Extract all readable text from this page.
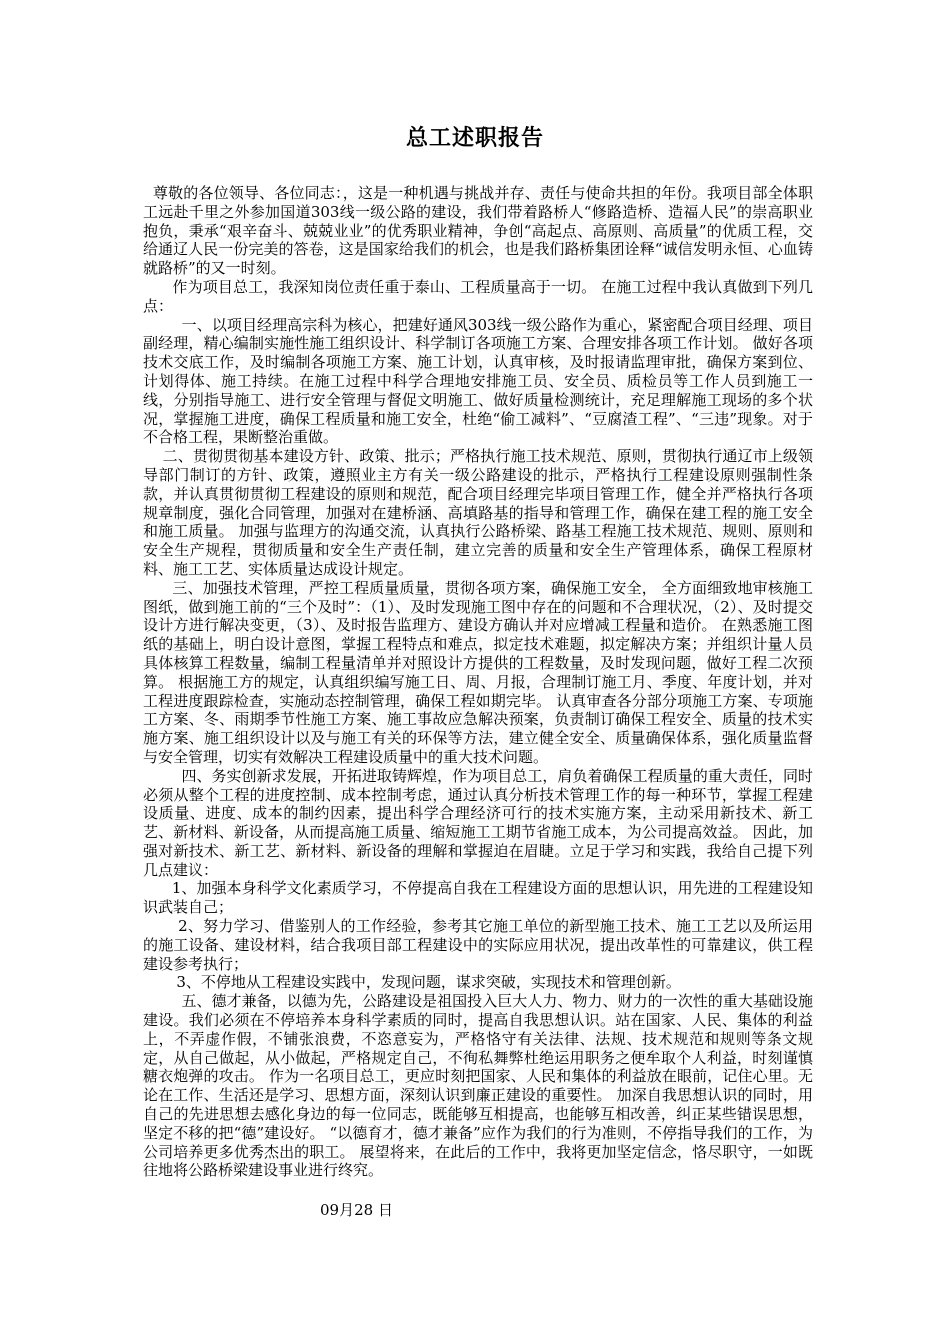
总工述职报告

尊敬的各位领导、各位同志：，这是一种机遇与挑战并存、责任与使命共担的年份。我项目部全体职工远赴千里之外参加国道303线一级公路的建设，我们带着路桥人“修路造桥、造福人民”的崇高职业抱负，秉承“艰辛奋斗、兢兢业业”的优秀职业精神，争创“高起点、高原则、高质量”的优质工程，交给通辽人民一份完美的答卷，这是国家给我们的机会，也是我们路桥集团诠释“诚信发明永恒、心血铸就路桥”的又一时刻。

作为项目总工，我深知岗位责任重于泰山、工程质量高于一切。 在施工过程中我认真做到下列几点：

一、以项目经理高宗科为核心，把建好通风303线一级公路作为重心，紧密配合项目经理、项目副经理，精心编制实施性施工组织设计、科学制订各项施工方案、合理安排各项工作计划。 做好各项技术交底工作，及时编制各项施工方案、施工计划，认真审核，及时报请监理审批，确保方案到位、计划得体、施工持续。在施工过程中科学合理地安排施工员、安全员、质检员等工作人员到施工一线，分别指导施工、进行安全管理与督促文明施工、做好质量检测统计，充足理解施工现场的多个状况，掌握施工进度，确保工程质量和施工安全，杜绝“偷工减料”、“豆腐渣工程”、“三违”现象。对于不合格工程，果断整治重做。

二、贯彻贯彻基本建设方针、政策、批示；严格执行施工技术规范、原则，贯彻执行通辽市上级领导部门制订的方针、政策，遵照业主方有关一级公路建设的批示，严格执行工程建设原则强制性条款，并认真贯彻贯彻工程建设的原则和规范，配合项目经理完毕项目管理工作，健全并严格执行各项规章制度，强化合同管理，加强对在建桥涵、高填路基的指导和管理工作，确保在建工程的施工安全和施工质量。 加强与监理方的沟通交流，认真执行公路桥梁、路基工程施工技术规范、规则、原则和安全生产规程，贯彻质量和安全生产责任制，建立完善的质量和安全生产管理体系，确保工程原材料、施工工艺、实体质量达成设计规定。

三、加强技术管理，严控工程质量质量，贯彻各项方案，确保施工安全， 全方面细致地审核施工图纸，做到施工前的“三个及时”：（1）、及时发现施工图中存在的问题和不合理状况，（2）、及时提交设计方进行解决变更，（3）、及时报告监理方、建设方确认并对应增减工程量和造价。 在熟悉施工图纸的基础上，明白设计意图，掌握工程特点和难点，拟定技术难题，拟定解决方案；并组织计量人员具体核算工程数量，编制工程量清单并对照设计方提供的工程数量，及时发现问题，做好工程二次预算。 根据施工方的规定，认真组织编写施工日、周、月报，合理制订施工月、季度、年度计划，并对工程进度跟踪检查，实施动态控制管理，确保工程如期完毕。 认真审查各分部分项施工方案、专项施工方案、冬、雨期季节性施工方案、施工事故应急解决预案，负责制订确保工程安全、质量的技术实施方案、施工组织设计以及与施工有关的环保等方法，建立健全安全、质量确保体系，强化质量监督与安全管理，切实有效解决工程建设质量中的重大技术问题。

四、务实创新求发展，开拓进取铸辉煌，作为项目总工，肩负着确保工程质量的重大责任，同时必须从整个工程的进度控制、成本控制考虑，通过认真分析技术管理工作的每一种环节，掌握工程建设质量、进度、成本的制约因素，提出科学合理经济可行的技术实施方案，主动采用新技术、新工艺、新材料、新设备，从而提高施工质量、缩短施工工期节省施工成本，为公司提高效益。 因此，加强对新技术、新工艺、新材料、新设备的理解和掌握迫在眉睫。立足于学习和实践，我给自己提下列几点建议：

1、加强本身科学文化素质学习，不停提高自我在工程建设方面的思想认识，用先进的工程建设知识武装自己；

2、努力学习、借鉴别人的工作经验，参考其它施工单位的新型施工技术、施工工艺以及所运用的施工设备、建设材料，结合我项目部工程建设中的实际应用状况，提出改革性的可靠建议，供工程建设参考执行；

3、不停地从工程建设实践中，发现问题，谋求突破，实现技术和管理创新。

五、德才兼备，以德为先，公路建设是祖国投入巨大人力、物力、财力的一次性的重大基础设施建设。我们必须在不停培养本身科学素质的同时，提高自我思想认识。站在国家、人民、集体的利益上，不弄虚作假，不铺张浪费，不恣意妄为，严格恪守有关法律、法规、技术规范和规则等条文规定，从自己做起，从小做起，严格规定自己，不徇私舞弊杜绝运用职务之便牟取个人利益，时刻谨慎糖衣炮弹的攻击。 作为一名项目总工，更应时刻把国家、人民和集体的利益放在眼前，记住心里。无论在工作、生活还是学习、思想方面，深刻认识到廉正建设的重要性。 加深自我思想认识的同时，用自己的先进思想去感化身边的每一位同志，既能够互相提高，也能够互相改善，纠正某些错误思想，坚定不移的把“德”建设好。 “以德育才，德才兼备”应作为我们的行为准则，不停指导我们的工作，为公司培养更多优秀杰出的职工。 展望将来，在此后的工作中，我将更加坚定信念，恪尽职守，一如既往地将公路桥梁建设事业进行终究。

09月28 日
